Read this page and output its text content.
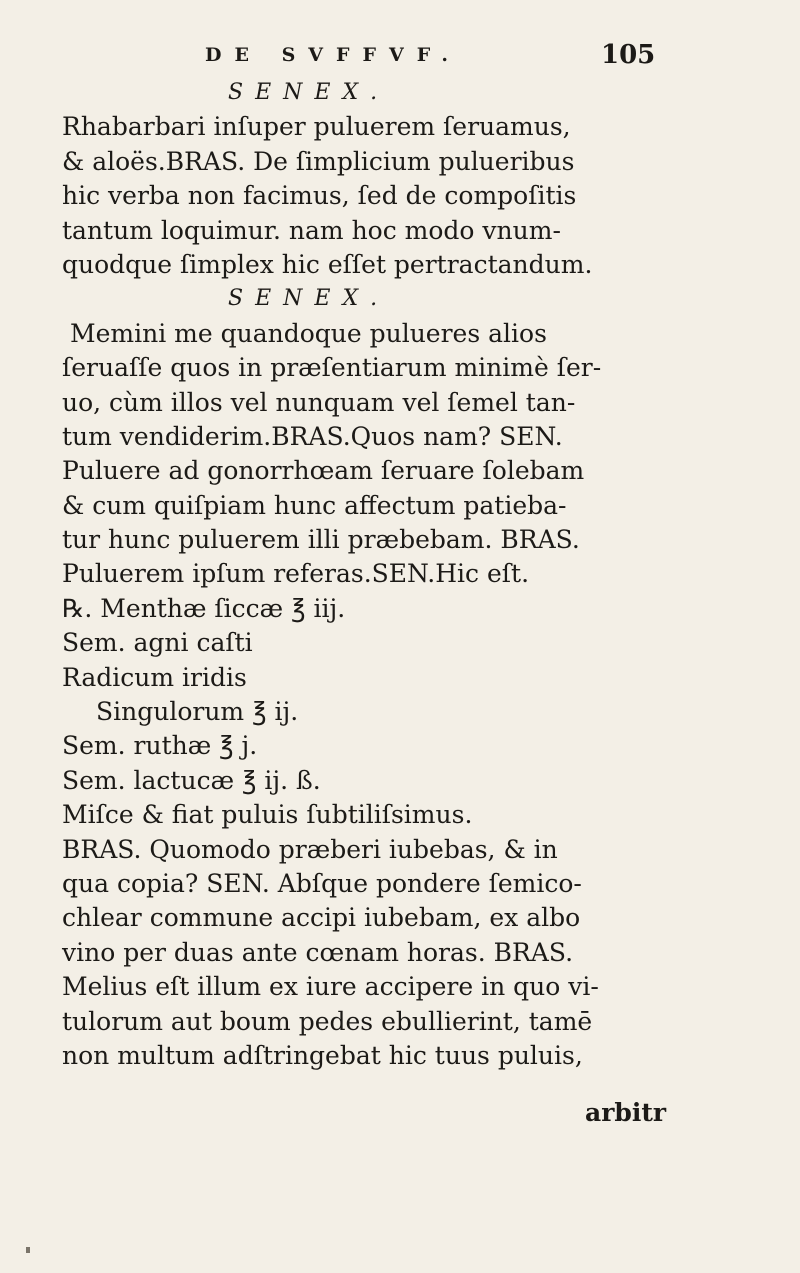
DE SVFFVF.	105
SENEX.
Rhabarbari inſuper puluerem ſeruamus,
& aloës.BRAS. De ſimplicium pulueribus
hic verba non facimus, ſed de compoſitis
tantum loquimur. nam hoc modo vnum-
quodque ſimplex hic eſſet pertractandum.
SENEX.
Memini me quandoque pulueres alios
ſeruaſſe quos in præſentiarum minimè ſer-
uo, cùm illos vel nunquam vel ſemel tan-
tum vendiderim.BRAS.Quos nam? SEN.
Puluere ad gonorrhœam ſeruare ſolebam
& cum quiſpiam hunc affectum patieba-
tur hunc puluerem illi præbebam. BRAS.
Puluerem ipſum referas.SEN.Hic eſt.
℞. Menthæ ſiccæ ℥ iij.
Sem. agni caſti
Radicum iridis
Singulorum ℥ ij.
Sem. ruthæ ℥ j.
Sem. lactucæ ℥ ij. ß.
Miſce & fiat puluis ſubtiliſsimus.
BRAS. Quomodo præberi iubebas, & in
qua copia? SEN. Abſque pondere ſemico-
chlear commune accipi iubebam, ex albo
vino per duas ante cœnam horas. BRAS.
Melius eſt illum ex iure accipere in quo vi-
tulorum aut boum pedes ebullierint, tamē
non multum adſtringebat hic tuus puluis,
arbitr
